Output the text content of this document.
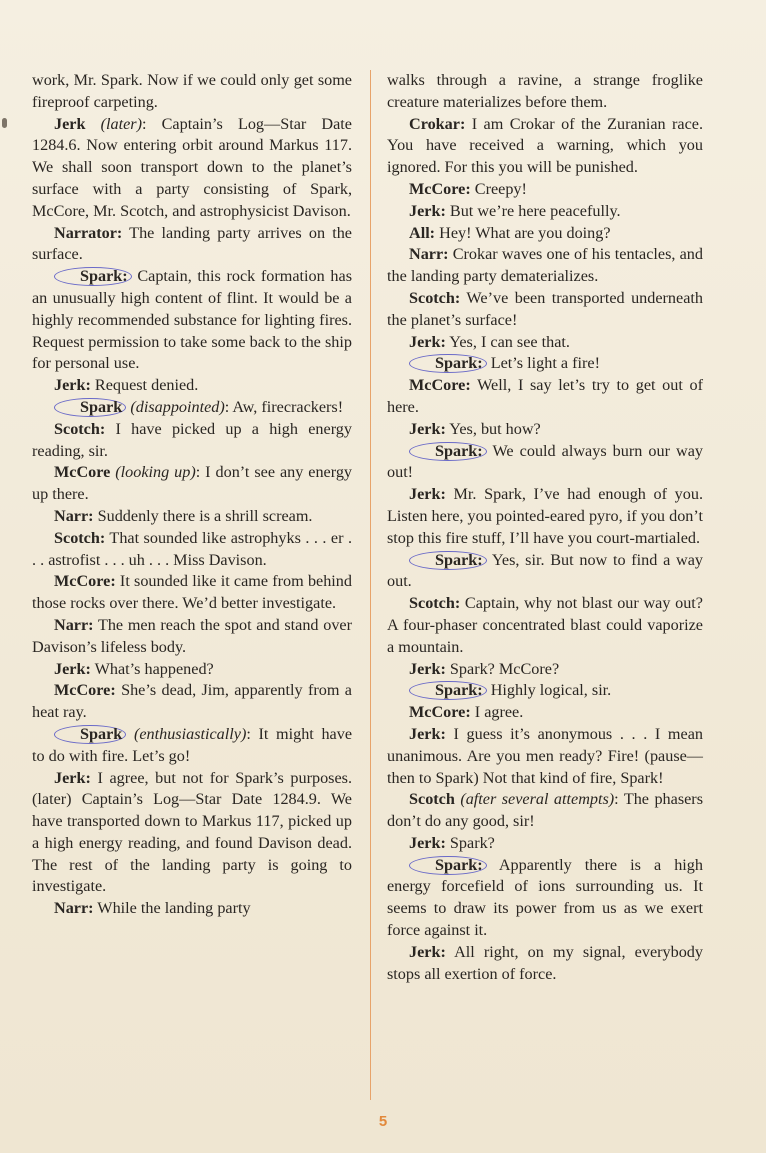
work, Mr. Spark. Now if we could only get some fireproof carpeting.

Jerk (later): Captain’s Log—Star Date 1284.6. Now entering orbit around Markus 117. We shall soon transport down to the planet’s surface with a party consisting of Spark, McCore, Mr. Scotch, and astrophysicist Davison.

Narrator: The landing party arrives on the surface.

Spark: Captain, this rock formation has an unusually high content of flint. It would be a highly recommended substance for lighting fires. Request permission to take some back to the ship for personal use.

Jerk: Request denied.

Spark (disappointed): Aw, firecrackers!

Scotch: I have picked up a high energy reading, sir.

McCore (looking up): I don’t see any energy up there.

Narr: Suddenly there is a shrill scream.

Scotch: That sounded like astrophyks . . . er . . . astrofist . . . uh . . . Miss Davison.

McCore: It sounded like it came from behind those rocks over there. We’d better investigate.

Narr: The men reach the spot and stand over Davison’s lifeless body.

Jerk: What’s happened?

McCore: She’s dead, Jim, apparently from a heat ray.

Spark (enthusiastically): It might have to do with fire. Let’s go!

Jerk: I agree, but not for Spark’s purposes. (later) Captain’s Log—Star Date 1284.9. We have transported down to Markus 117, picked up a high energy reading, and found Davison dead. The rest of the landing party is going to investigate.

Narr: While the landing party

walks through a ravine, a strange froglike creature materializes before them.

Crokar: I am Crokar of the Zuranian race. You have received a warning, which you ignored. For this you will be punished.

McCore: Creepy!

Jerk: But we’re here peacefully.

All: Hey! What are you doing?

Narr: Crokar waves one of his tentacles, and the landing party dematerializes.

Scotch: We’ve been transported underneath the planet’s surface!

Jerk: Yes, I can see that.

Spark: Let’s light a fire!

McCore: Well, I say let’s try to get out of here.

Jerk: Yes, but how?

Spark: We could always burn our way out!

Jerk: Mr. Spark, I’ve had enough of you. Listen here, you pointed-eared pyro, if you don’t stop this fire stuff, I’ll have you court-martialed.

Spark: Yes, sir. But now to find a way out.

Scotch: Captain, why not blast our way out? A four-phaser concentrated blast could vaporize a mountain.

Jerk: Spark? McCore?

Spark: Highly logical, sir.

McCore: I agree.

Jerk: I guess it’s anonymous . . . I mean unanimous. Are you men ready? Fire! (pause—then to Spark) Not that kind of fire, Spark!

Scotch (after several attempts): The phasers don’t do any good, sir!

Jerk: Spark?

Spark: Apparently there is a high energy forcefield of ions surrounding us. It seems to draw its power from us as we exert force against it.

Jerk: All right, on my signal, everybody stops all exertion of force.

5
